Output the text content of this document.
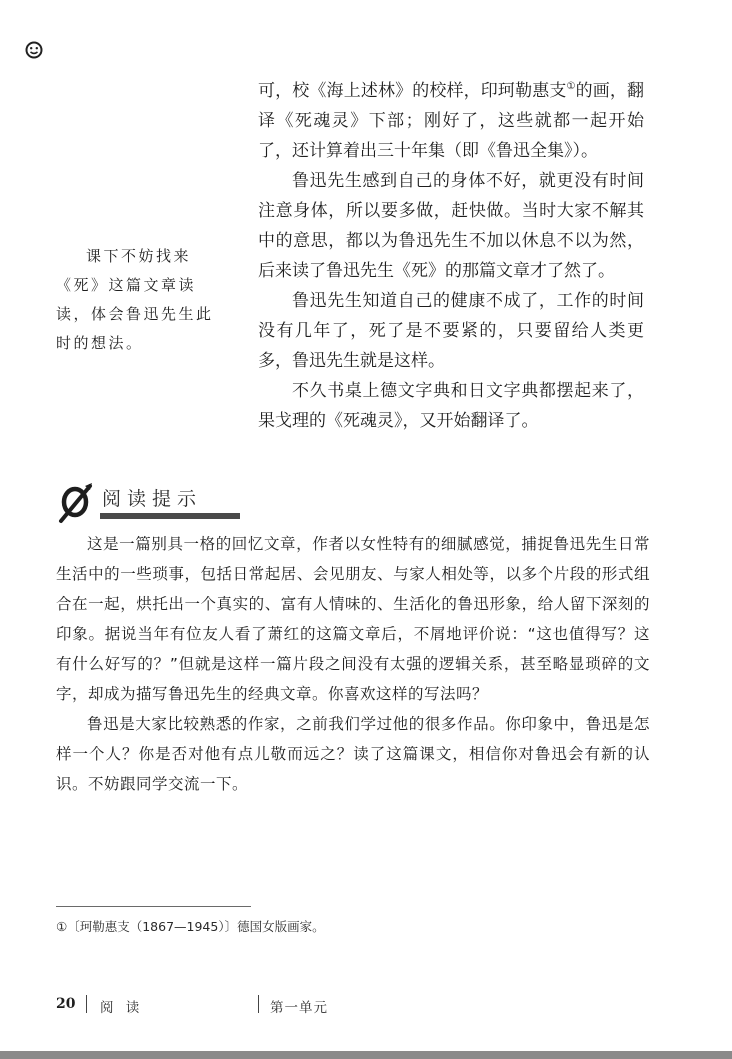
可，校《海上述林》的校样，印珂勒惠支①的画，翻译《死魂灵》下部；刚好了，这些就都一起开始了，还计算着出三十年集（即《鲁迅全集》）。

鲁迅先生感到自己的身体不好，就更没有时间注意身体，所以要多做，赶快做。当时大家不解其中的意思，都以为鲁迅先生不加以休息不以为然，后来读了鲁迅先生《死》的那篇文章才了然了。

鲁迅先生知道自己的健康不成了，工作的时间没有几年了，死了是不要紧的，只要留给人类更多，鲁迅先生就是这样。

不久书桌上德文字典和日文字典都摆起来了，果戈理的《死魂灵》，又开始翻译了。

课下不妨找来《死》这篇文章读读，体会鲁迅先生此时的想法。
阅读提示

这是一篇别具一格的回忆文章，作者以女性特有的细腻感觉，捕捉鲁迅先生日常生活中的一些琐事，包括日常起居、会见朋友、与家人相处等，以多个片段的形式组合在一起，烘托出一个真实的、富有人情味的、生活化的鲁迅形象，给人留下深刻的印象。据说当年有位友人看了萧红的这篇文章后，不屑地评价说：“这也值得写？这有什么好写的？”但就是这样一篇片段之间没有太强的逻辑关系，甚至略显琐碎的文字，却成为描写鲁迅先生的经典文章。你喜欢这样的写法吗？

鲁迅是大家比较熟悉的作家，之前我们学过他的很多作品。你印象中，鲁迅是怎样一个人？你是否对他有点儿敬而远之？读了这篇课文，相信你对鲁迅会有新的认识。不妨跟同学交流一下。

①〔珂勒惠支（1867—1945）〕德国女版画家。
20 阅 读	第一单元
